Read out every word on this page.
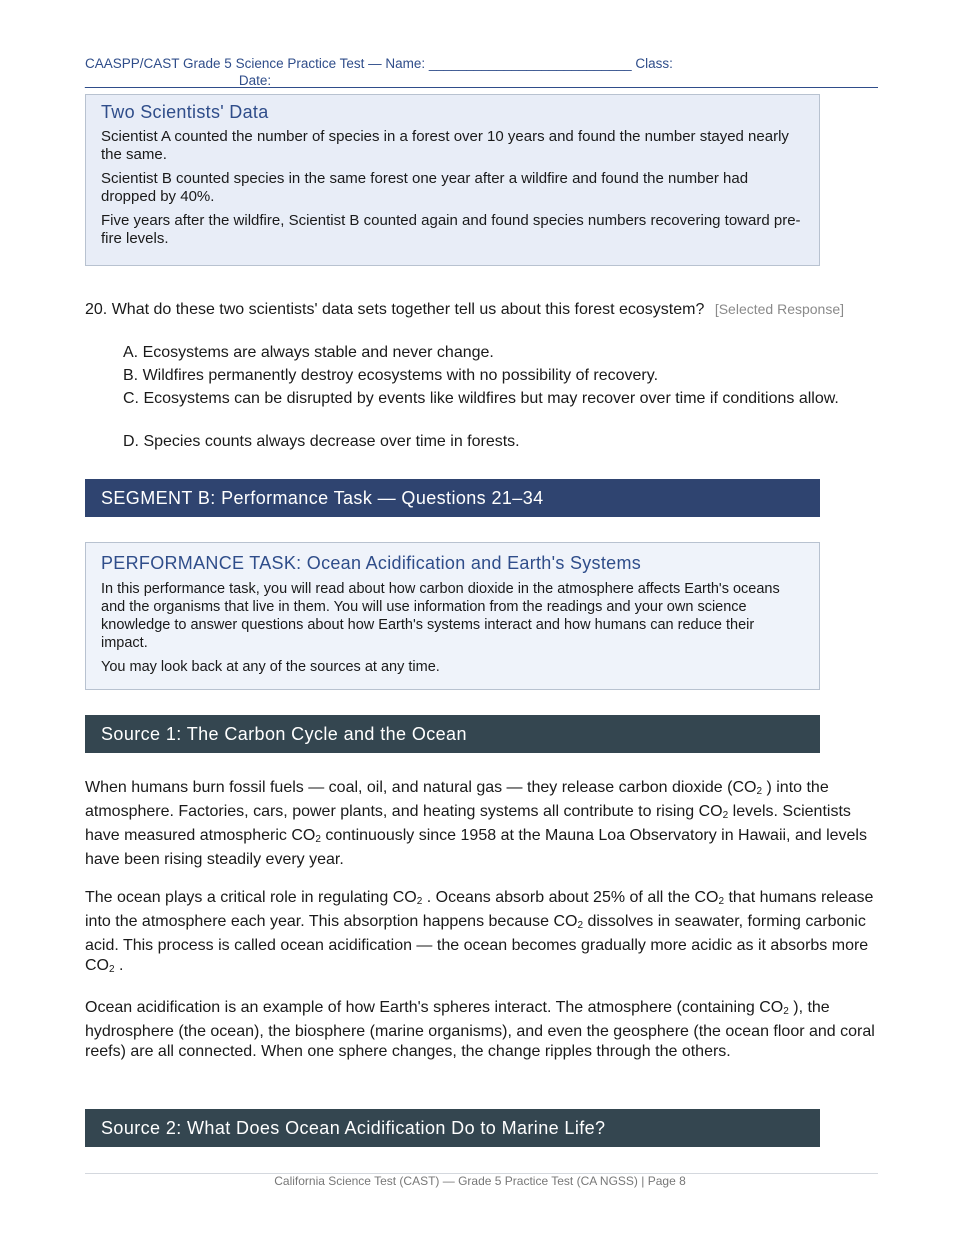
CAASPP/CAST Grade 5 Science Practice Test — Name: ___________________________ Class:
____________________ Date: ___________
Two Scientists' Data

Scientist A counted the number of species in a forest over 10 years and found the number stayed nearly the same.

Scientist B counted species in the same forest one year after a wildfire and found the number had dropped by 40%.

Five years after the wildfire, Scientist B counted again and found species numbers recovering toward pre-fire levels.

20. What do these two scientists' data sets together tell us about this forest ecosystem? [Selected Response]
A. Ecosystems are always stable and never change.
B. Wildfires permanently destroy ecosystems with no possibility of recovery.
C. Ecosystems can be disrupted by events like wildfires but may recover over time if conditions allow.
D. Species counts always decrease over time in forests.
SEGMENT B: Performance Task — Questions 21–34
PERFORMANCE TASK: Ocean Acidification and Earth's Systems

In this performance task, you will read about how carbon dioxide in the atmosphere affects Earth's oceans and the organisms that live in them. You will use information from the readings and your own science knowledge to answer questions about how Earth's systems interact and how humans can reduce their impact.

You may look back at any of the sources at any time.

Source 1: The Carbon Cycle and the Ocean
When humans burn fossil fuels — coal, oil, and natural gas — they release carbon dioxide ($CO_2$ ) into the atmosphere. Factories, cars, power plants, and heating systems all contribute to rising $CO_2$ levels. Scientists have measured atmospheric $CO_2$ continuously since 1958 at the Mauna Loa Observatory in Hawaii, and levels have been rising steadily every year.
The ocean plays a critical role in regulating $CO_2$ . Oceans absorb about 25% of all the $CO_2$ that humans release into the atmosphere each year. This absorption happens because $CO_2$ dissolves in seawater, forming carbonic acid. This process is called ocean acidification — the ocean becomes gradually more acidic as it absorbs more $CO_2$ .
Ocean acidification is an example of how Earth's spheres interact. The atmosphere (containing $CO_2$ ), the hydrosphere (the ocean), the biosphere (marine organisms), and even the geosphere (the ocean floor and coral reefs) are all connected. When one sphere changes, the change ripples through the others.
Source 2: What Does Ocean Acidification Do to Marine Life?
California Science Test (CAST) — Grade 5 Practice Test (CA NGSS) | Page 8
